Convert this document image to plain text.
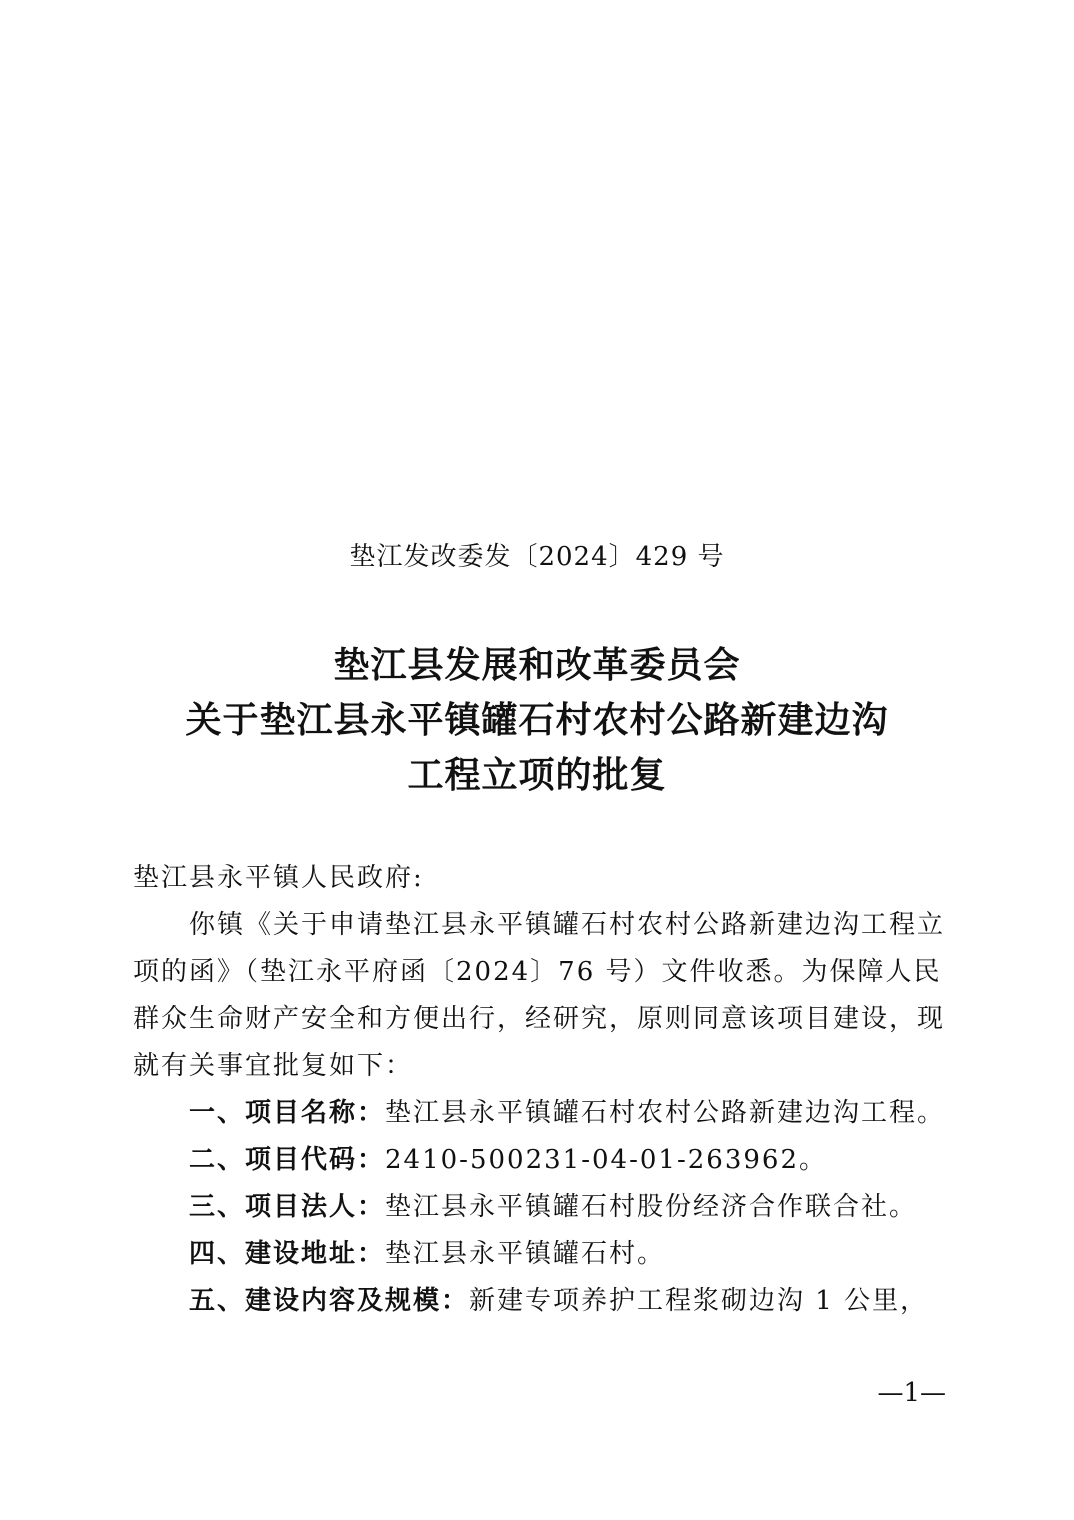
垫江发改委发〔2024〕429 号
垫江县发展和改革委员会
关于垫江县永平镇罐石村农村公路新建边沟
工程立项的批复

垫江县永平镇人民政府:

你镇《关于申请垫江县永平镇罐石村农村公路新建边沟工程立项的函》（垫江永平府函〔2024〕76 号）文件收悉。为保障人民群众生命财产安全和方便出行，经研究，原则同意该项目建设，现就有关事宜批复如下：

一、项目名称：垫江县永平镇罐石村农村公路新建边沟工程。

二、项目代码：2410-500231-04-01-263962。

三、项目法人：垫江县永平镇罐石村股份经济合作联合社。

四、建设地址：垫江县永平镇罐石村。

五、建设内容及规模：新建专项养护工程浆砌边沟 1 公里，

—1—
